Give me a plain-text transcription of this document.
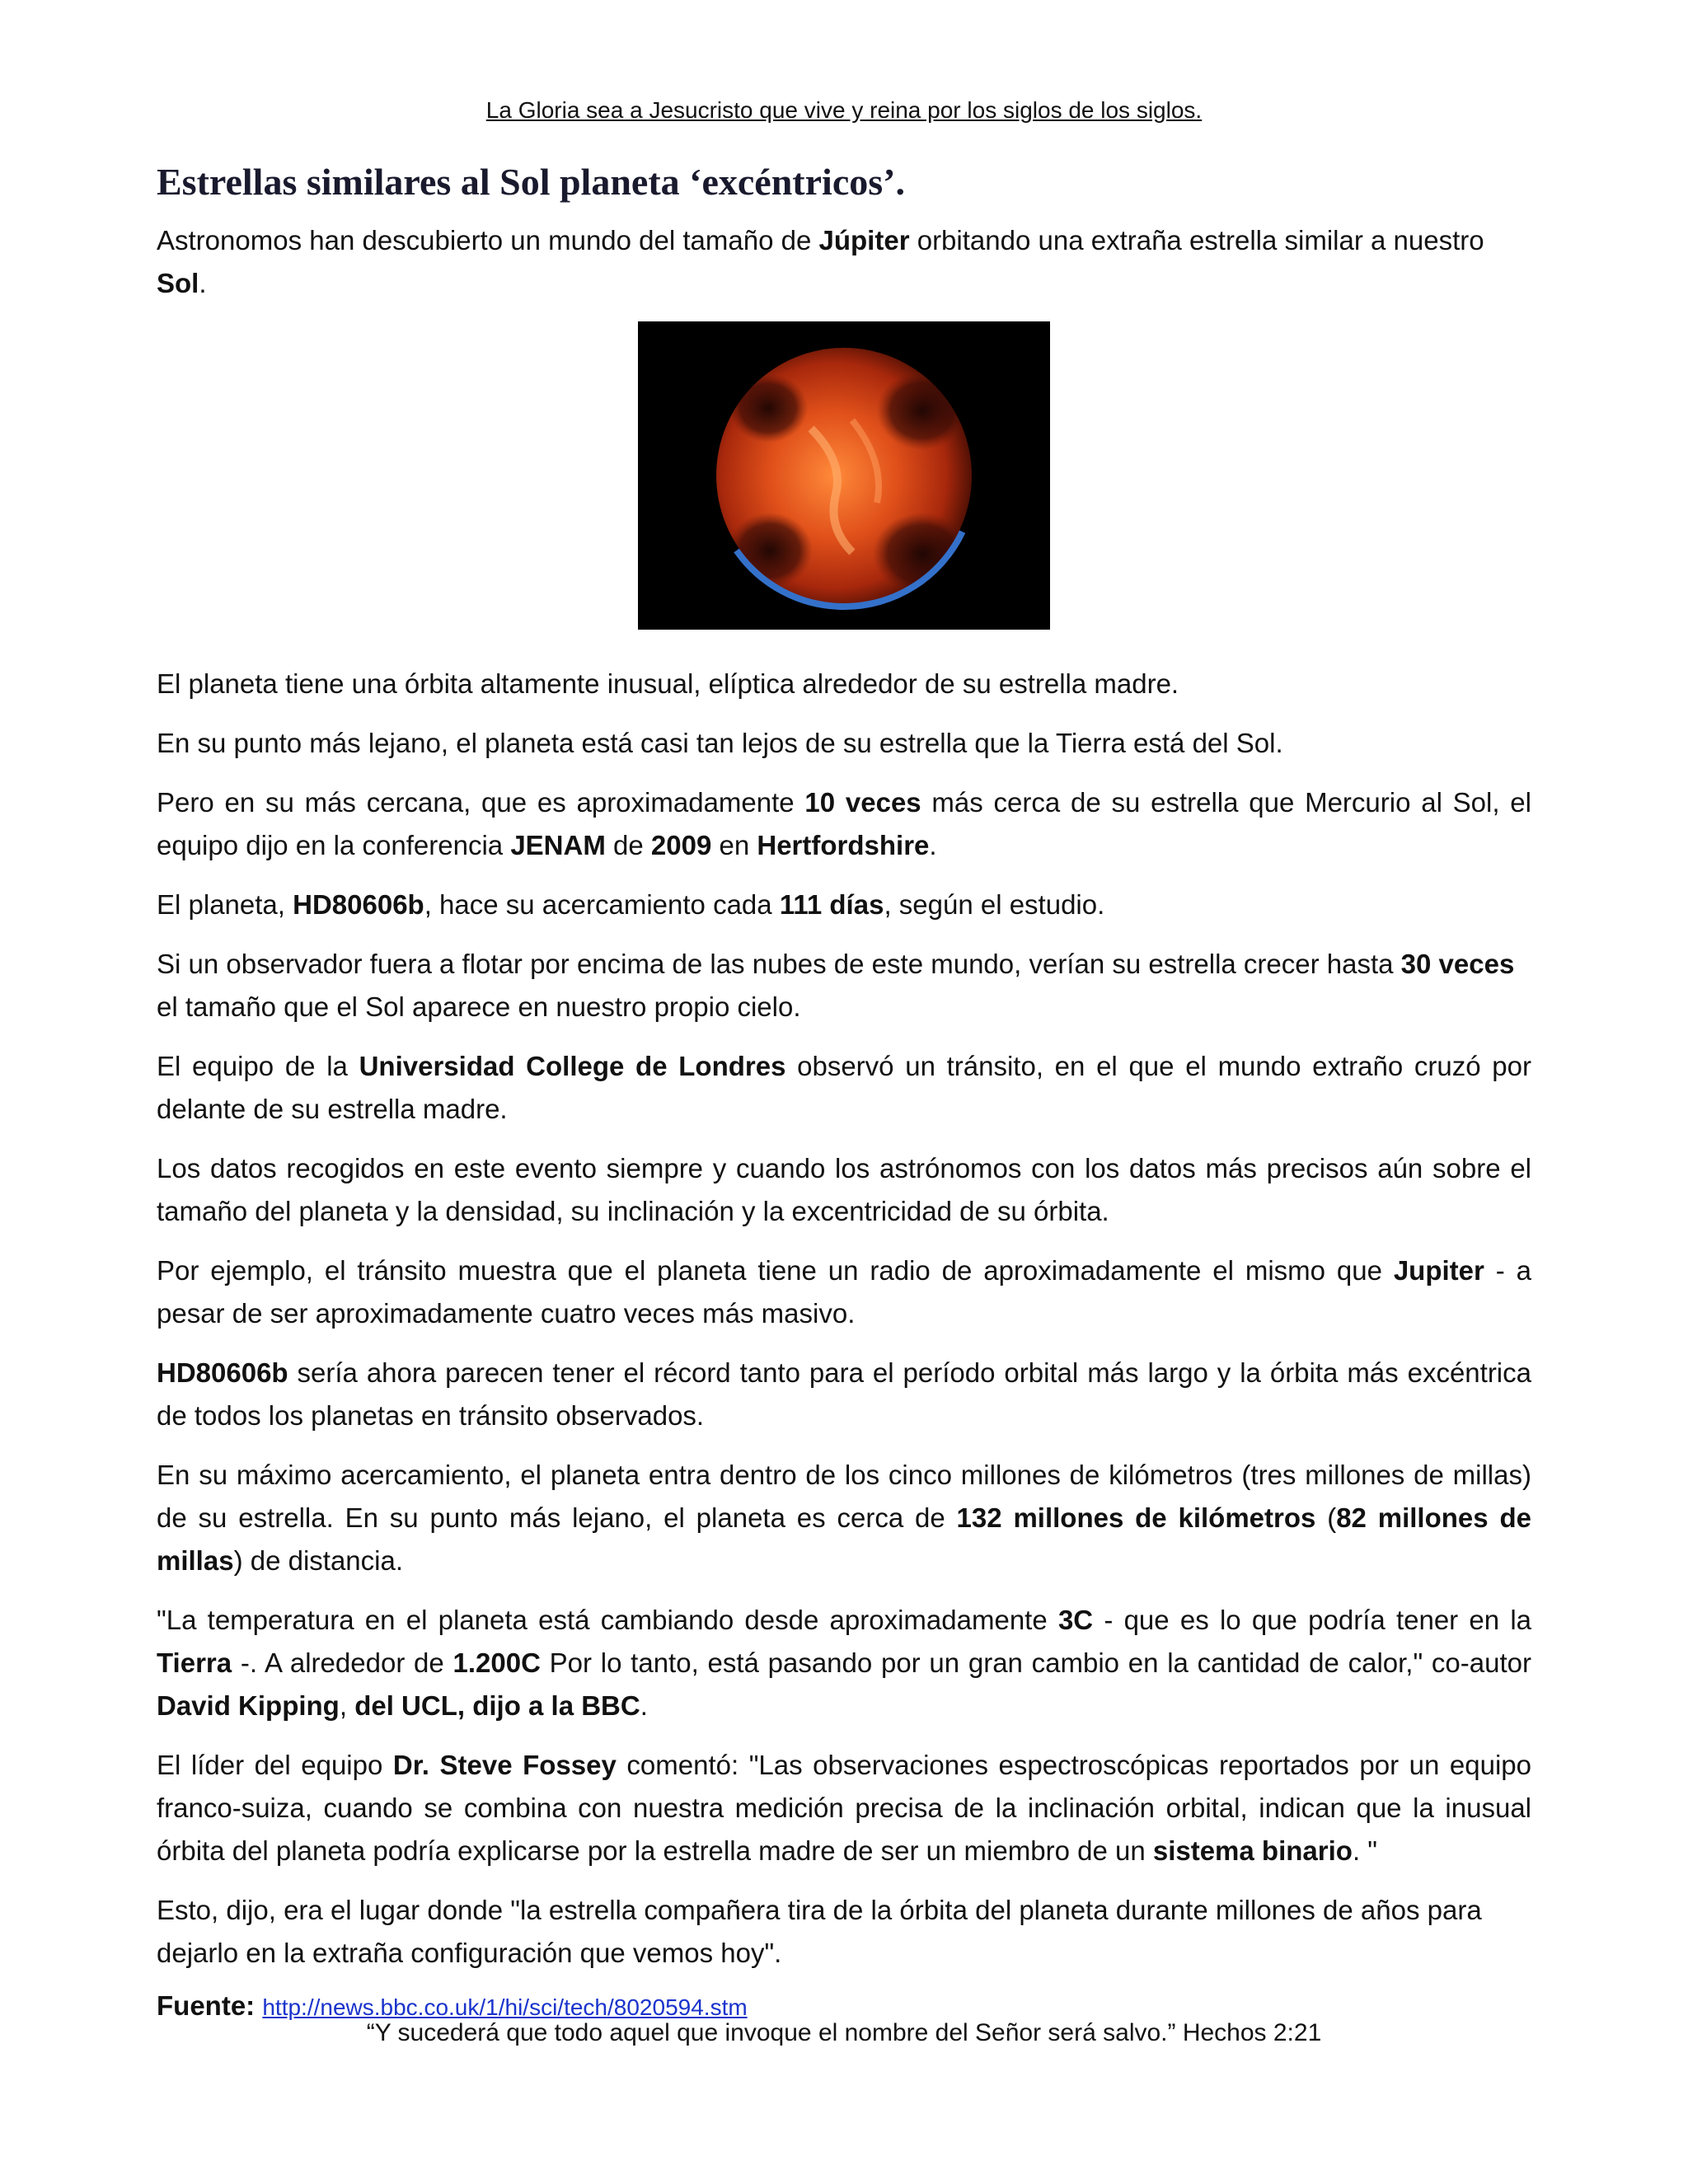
La Gloria sea a Jesucristo que vive y reina por los siglos de los siglos.
Estrellas similares al Sol planeta ‘excéntricos’.

Astronomos han descubierto un mundo del tamaño de Júpiter orbitando una extraña estrella similar a nuestro Sol.

El planeta tiene una órbita altamente inusual, elíptica alrededor de su estrella madre.

En su punto más lejano, el planeta está casi tan lejos de su estrella que la Tierra está del Sol.

Pero en su más cercana, que es aproximadamente 10 veces más cerca de su estrella que Mercurio al Sol, el equipo dijo en la conferencia JENAM de 2009 en Hertfordshire.

El planeta, HD80606b, hace su acercamiento cada 111 días, según el estudio.

Si un observador fuera a flotar por encima de las nubes de este mundo, verían su estrella crecer hasta 30 veces el tamaño que el Sol aparece en nuestro propio cielo.

El equipo de la Universidad College de Londres observó un tránsito, en el que el mundo extraño cruzó por delante de su estrella madre.

Los datos recogidos en este evento siempre y cuando los astrónomos con los datos más precisos aún sobre el tamaño del planeta y la densidad, su inclinación y la excentricidad de su órbita.

Por ejemplo, el tránsito muestra que el planeta tiene un radio de aproximadamente el mismo que Jupiter - a pesar de ser aproximadamente cuatro veces más masivo.

HD80606b sería ahora parecen tener el récord tanto para el período orbital más largo y la órbita más excéntrica de todos los planetas en tránsito observados.

En su máximo acercamiento, el planeta entra dentro de los cinco millones de kilómetros (tres millones de millas) de su estrella. En su punto más lejano, el planeta es cerca de 132 millones de kilómetros (82 millones de millas) de distancia.

"La temperatura en el planeta está cambiando desde aproximadamente 3C - que es lo que podría tener en la Tierra -. A alrededor de 1.200C Por lo tanto, está pasando por un gran cambio en la cantidad de calor," co-autor David Kipping, del UCL, dijo a la BBC.

El líder del equipo Dr. Steve Fossey comentó: "Las observaciones espectroscópicas reportados por un equipo franco-suiza, cuando se combina con nuestra medición precisa de la inclinación orbital, indican que la inusual órbita del planeta podría explicarse por la estrella madre de ser un miembro de un sistema binario. "

Esto, dijo, era el lugar donde "la estrella compañera tira de la órbita del planeta durante millones de años para dejarlo en la extraña configuración que vemos hoy".

Fuente: http://news.bbc.co.uk/1/hi/sci/tech/8020594.stm
“Y sucederá que todo aquel que invoque el nombre del Señor será salvo.” Hechos 2:21
